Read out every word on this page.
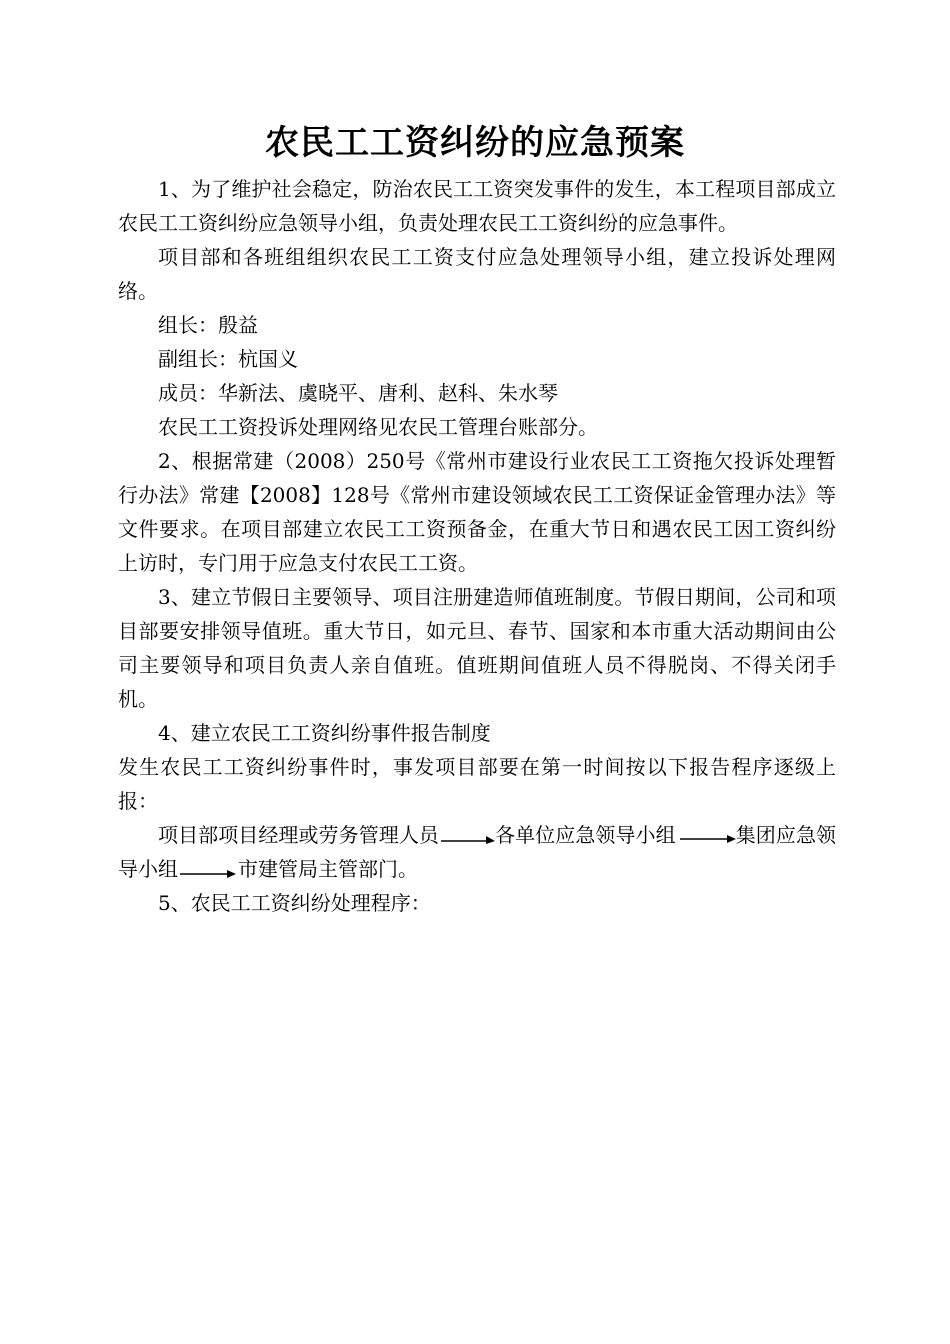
农民工工资纠纷的应急预案

1、为了维护社会稳定，防治农民工工资突发事件的发生，本工程项目部成立农民工工资纠纷应急领导小组，负责处理农民工工资纠纷的应急事件。

项目部和各班组组织农民工工资支付应急处理领导小组，建立投诉处理网络。

组长：殷益

副组长：杭国义

成员：华新法、虞晓平、唐利、赵科、朱水琴

农民工工资投诉处理网络见农民工管理台账部分。

2、根据常建（2008）250号《常州市建设行业农民工工资拖欠投诉处理暂行办法》常建【2008】128号《常州市建设领域农民工工资保证金管理办法》等文件要求。在项目部建立农民工工资预备金，在重大节日和遇农民工因工资纠纷上访时，专门用于应急支付农民工工资。

3、建立节假日主要领导、项目注册建造师值班制度。节假日期间，公司和项目部要安排领导值班。重大节日，如元旦、春节、国家和本市重大活动期间由公司主要领导和项目负责人亲自值班。值班期间值班人员不得脱岗、不得关闭手机。

4、建立农民工工资纠纷事件报告制度

发生农民工工资纠纷事件时，事发项目部要在第一时间按以下报告程序逐级上报：

项目部项目经理或劳务管理人员	各单位应急领导小组	集团应急领导小组	市建管局主管部门。

5、农民工工资纠纷处理程序：
